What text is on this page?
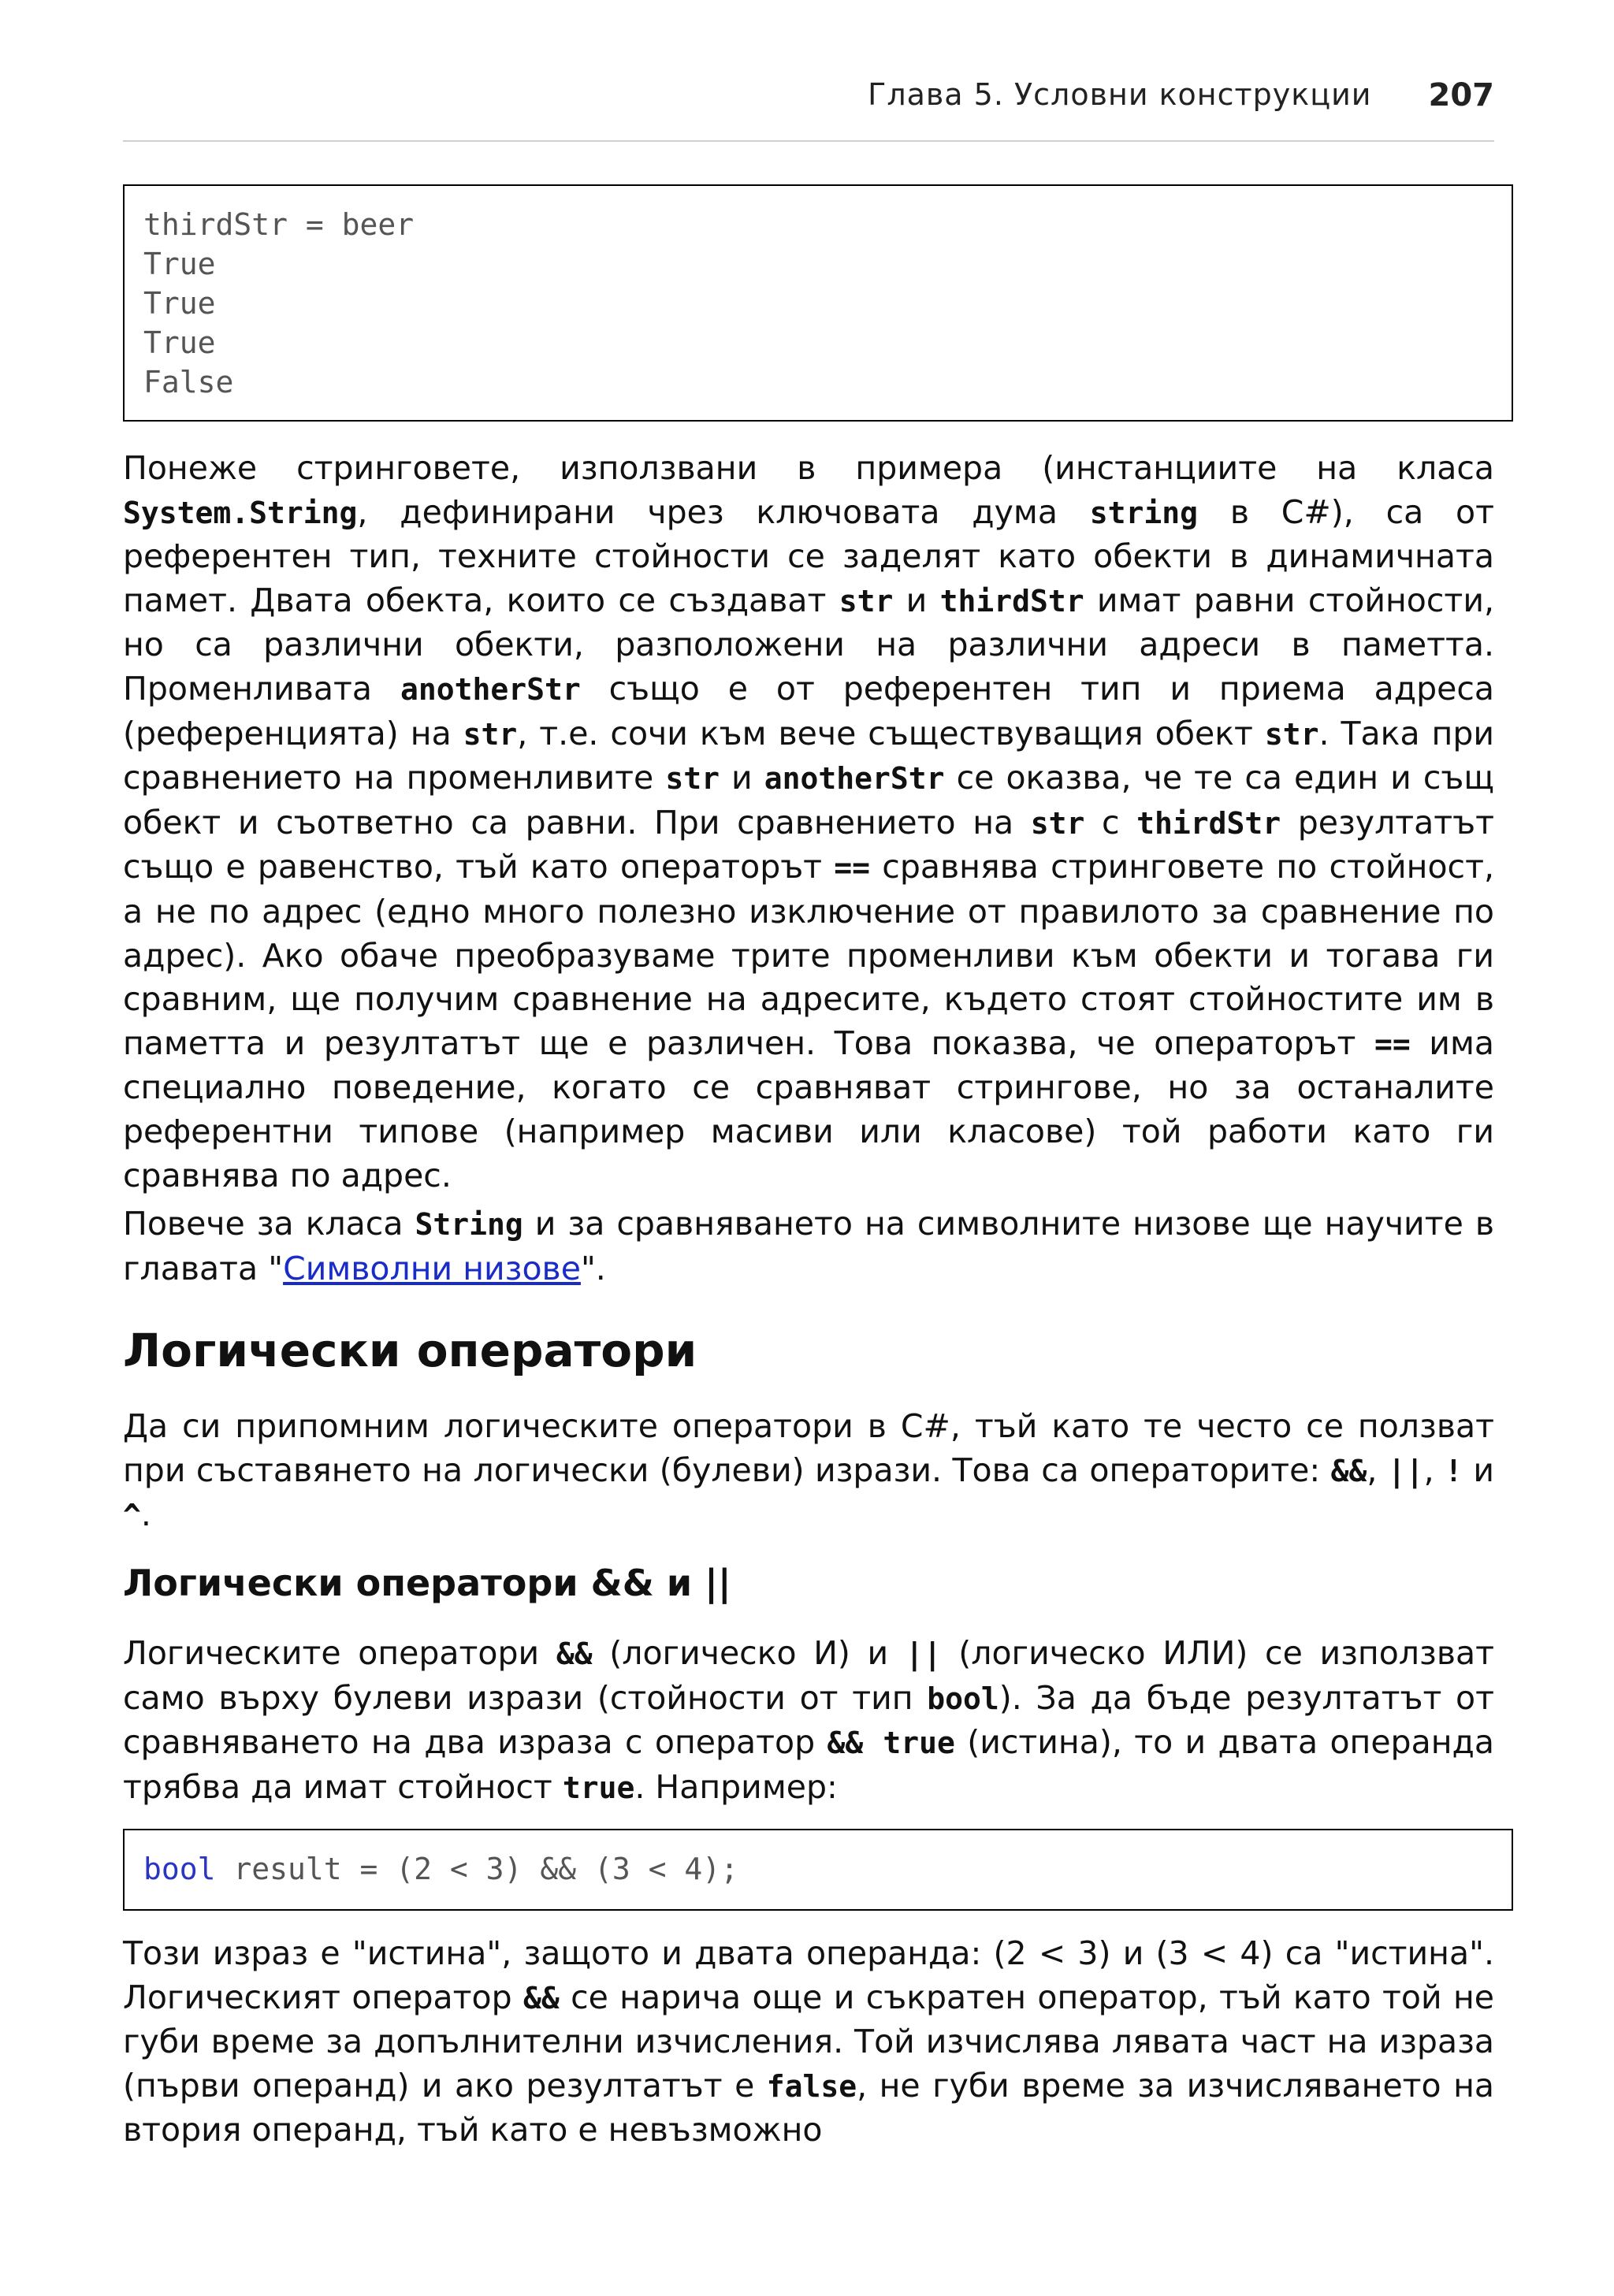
Глава 5. Условни конструкции 207
thirdStr = beer
True
True
True
False

Понеже стринговете, използвани в примера (инстанциите на класа System.String, дефинирани чрез ключовата дума string в C#), са от референтен тип, техните стойности се заделят като обекти в динамичната памет. Двата обекта, които се създават str и thirdStr имат равни стойности, но са различни обекти, разположени на различни адреси в паметта. Променливата anotherStr също е от референтен тип и приема адреса (референцията) на str, т.е. сочи към вече съществуващия обект str. Така при сравнението на променливите str и anotherStr се оказва, че те са един и същ обект и съответно са равни. При сравнението на str с thirdStr резултатът също е равенство, тъй като операторът == сравнява стринговете по стойност, а не по адрес (едно много полезно изключение от правилото за сравнение по адрес). Ако обаче преобразуваме трите променливи към обекти и тогава ги сравним, ще получим сравнение на адресите, където стоят стойностите им в паметта и резултатът ще е различен. Това показва, че операторът == има специално поведение, когато се сравняват стрингове, но за останалите референтни типове (например масиви или класове) той работи като ги сравнява по адрес.

Повече за класа String и за сравняването на символните низове ще научите в главата "Символни низове".

Логически оператори

Да си припомним логическите оператори в C#, тъй като те често се ползват при съставянето на логически (булеви) изрази. Това са операторите: &&, ||, ! и ^.

Логически оператори && и ||

Логическите оператори && (логическо И) и || (логическо ИЛИ) се използват само върху булеви изрази (стойности от тип bool). За да бъде резултатът от сравняването на два израза с оператор && true (истина), то и двата операнда трябва да имат стойност true. Например:

bool result = (2 < 3) && (3 < 4);

Този израз е "истина", защото и двата операнда: (2 < 3) и (3 < 4) са "истина". Логическият оператор && се нарича още и съкратен оператор, тъй като той не губи време за допълнителни изчисления. Той изчислява лявата част на израза (първи операнд) и ако резултатът е false, не губи време за изчисляването на втория операнд, тъй като е невъзможно
